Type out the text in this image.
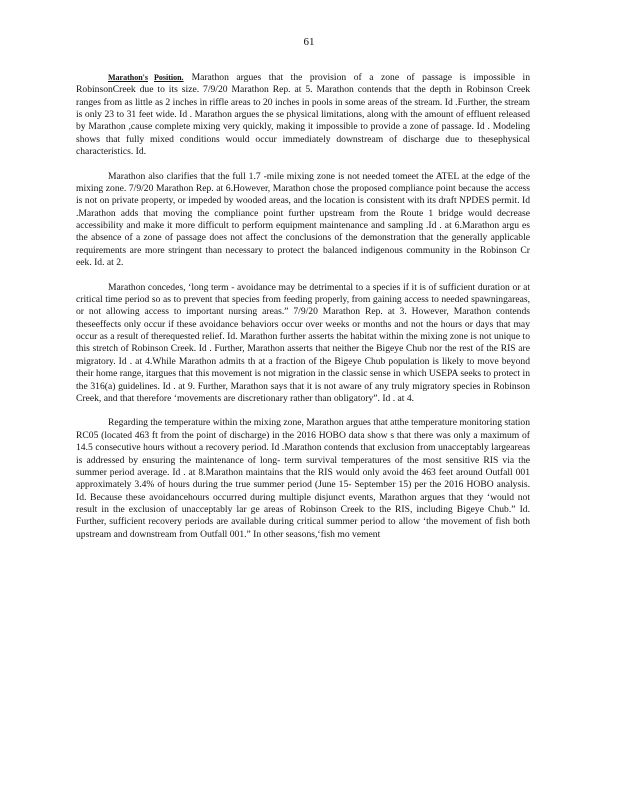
61

Marathon's Position. Marathon argues that the provision of a zone of passage is impossible in RobinsonCreek due to its size. 7/9/20 Marathon Rep. at 5. Marathon contends that the depth in Robinson Creek ranges from as little as 2 inches in riffle areas to 20 inches in pools in some areas of the stream. Id .Further, the stream is only 23 to 31 feet wide. Id . Marathon argues the se physical limitations, along with the amount of effluent released by Marathon ,cause complete mixing very quickly, making it impossible to provide a zone of passage. Id . Modeling shows that fully mixed conditions would occur immediately downstream of discharge due to thesephysical characteristics. Id.

Marathon also clarifies that the full 1.7 -mile mixing zone is not needed tomeet the ATEL at the edge of the mixing zone. 7/9/20 Marathon Rep. at 6.However, Marathon chose the proposed compliance point because the access is not on private property, or impeded by wooded areas, and the location is consistent with its draft NPDES permit. Id .Marathon adds that moving the compliance point further upstream from the Route 1 bridge would decrease accessibility and make it more difficult to perform equipment maintenance and sampling .Id . at 6.Marathon argu es the absence of a zone of passage does not affect the conclusions of the demonstration that the generally applicable requirements are more stringent than necessary to protect the balanced indigenous community in the Robinson Cr eek. Id. at 2.

Marathon concedes, ‘long term - avoidance may be detrimental to a species if it is of sufficient duration or at critical time period so as to prevent that species from feeding properly, from gaining access to needed spawningareas, or not allowing access to important nursing areas.” 7/9/20 Marathon Rep. at 3. However, Marathon contends theseeffects only occur if these avoidance behaviors occur over weeks or months and not the hours or days that may occur as a result of therequested relief. Id. Marathon further asserts the habitat within the mixing zone is not unique to this stretch of Robinson Creek. Id . Further, Marathon asserts that neither the Bigeye Chub nor the rest of the RIS are migratory. Id . at 4.While Marathon admits th at a fraction of the Bigeye Chub population is likely to move beyond their home range, itargues that this movement is not migration in the classic sense in which USEPA seeks to protect in the 316(a) guidelines. Id . at 9. Further, Marathon says that it is not aware of any truly migratory species in Robinson Creek, and that therefore ‘movements are discretionary rather than obligatory”. Id . at 4.

Regarding the temperature within the mixing zone, Marathon argues that atthe temperature monitoring station RC05 (located 463 ft from the point of discharge) in the 2016 HOBO data show s that there was only a maximum of 14.5 consecutive hours without a recovery period. Id .Marathon contends that exclusion from unacceptably largeareas is addressed by ensuring the maintenance of long- term survival temperatures of the most sensitive RIS via the summer period average. Id . at 8.Marathon maintains that the RIS would only avoid the 463 feet around Outfall 001 approximately 3.4% of hours during the true summer period (June 15- September 15) per the 2016 HOBO analysis. Id. Because these avoidancehours occurred during multiple disjunct events, Marathon argues that they ‘would not result in the exclusion of unacceptably lar ge areas of Robinson Creek to the RIS, including Bigeye Chub.” Id. Further, sufficient recovery periods are available during critical summer period to allow ‘the movement of fish both upstream and downstream from Outfall 001.” In other seasons,‘fish mo vement
